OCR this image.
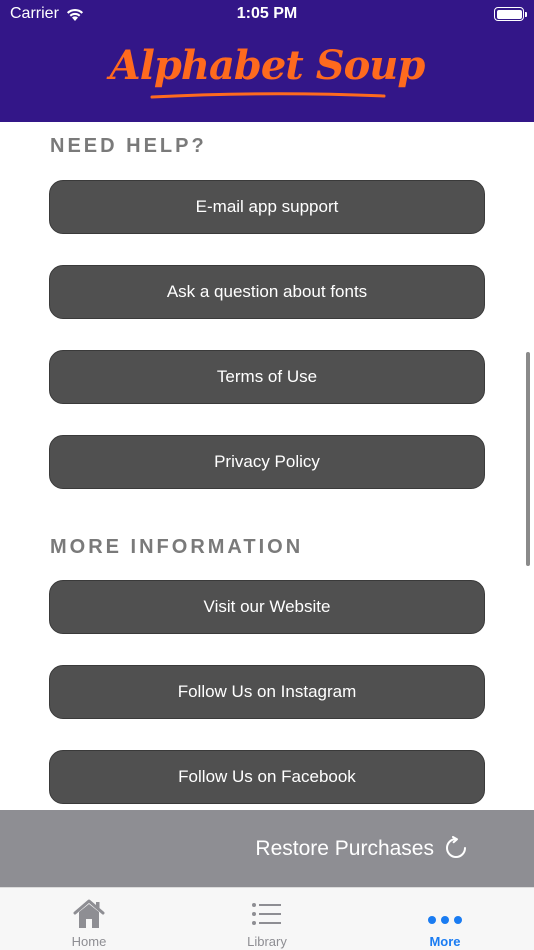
Carrier	1:05 PM
Alphabet Soup
NEED HELP?
E-mail app support
Ask a question about fonts
Terms of Use
Privacy Policy
MORE INFORMATION
Visit our Website
Follow Us on Instagram
Follow Us on Facebook
Restore Purchases
Home	Library	More
